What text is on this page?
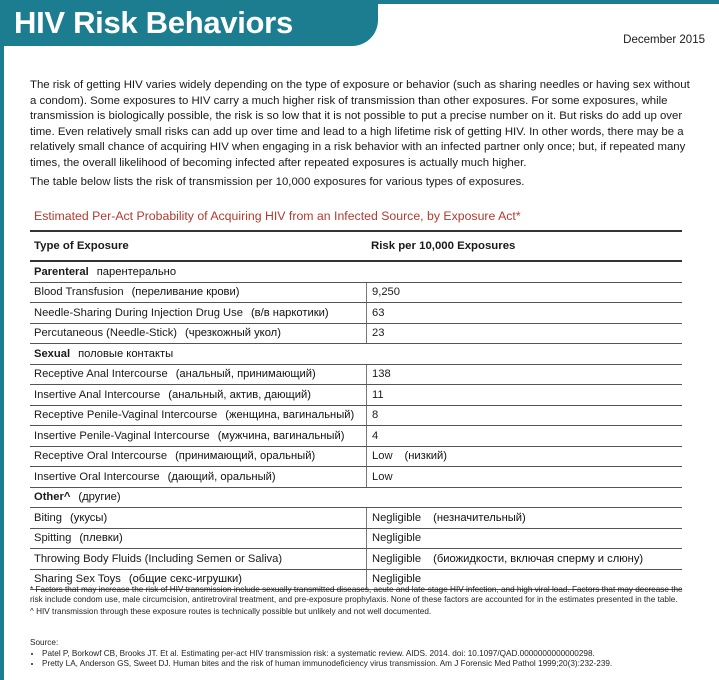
HIV Risk Behaviors	December 2015

The risk of getting HIV varies widely depending on the type of exposure or behavior (such as sharing needles or having sex without a condom). Some exposures to HIV carry a much higher risk of transmission than other exposures. For some exposures, while transmission is biologically possible, the risk is so low that it is not possible to put a precise number on it. But risks do add up over time. Even relatively small risks can add up over time and lead to a high lifetime risk of getting HIV. In other words, there may be a relatively small chance of acquiring HIV when engaging in a risk behavior with an infected partner only once; but, if repeated many times, the overall likelihood of becoming infected after repeated exposures is actually much higher.

The table below lists the risk of transmission per 10,000 exposures for various types of exposures.

Estimated Per-Act Probability of Acquiring HIV from an Infected Source, by Exposure Act*

Type of Exposure	Risk per 10,000 Exposures
Parenteral парентерально
Blood Transfusion (переливание крови)	9,250
Needle-Sharing During Injection Drug Use (в/в наркотики)	63
Percutaneous (Needle-Stick) (чрезкожный укол)	23
Sexual половые контакты
Receptive Anal Intercourse (анальный, принимающий)	138
Insertive Anal Intercourse (анальный, актив, дающий)	11
Receptive Penile-Vaginal Intercourse (женщина, вагинальный)	8
Insertive Penile-Vaginal Intercourse (мужчина, вагинальный)	4
Receptive Oral Intercourse (принимающий, оральный)	Low (низкий)
Insertive Oral Intercourse (дающий, оральный)	Low
Other^ (другие)
Biting (укусы)	Negligible (незначительный)
Spitting (плевки)	Negligible
Throwing Body Fluids (Including Semen or Saliva)	Negligible (биожидкости, включая сперму и слюну)
Sharing Sex Toys (общие секс-игрушки)	Negligible

* Factors that may increase the risk of HIV transmission include sexually transmitted diseases, acute and late-stage HIV infection, and high viral load. Factors that may decrease the risk include condom use, male circumcision, antiretroviral treatment, and pre-exposure prophylaxis. None of these factors are accounted for in the estimates presented in the table.

^ HIV transmission through these exposure routes is technically possible but unlikely and not well documented.

Source:
• Patel P, Borkowf CB, Brooks JT. Et al. Estimating per-act HIV transmission risk: a systematic review. AIDS. 2014. doi: 10.1097/QAD.0000000000000298.
• Pretty LA, Anderson GS, Sweet DJ. Human bites and the risk of human immunodeficiency virus transmission. Am J Forensic Med Pathol 1999;20(3):232-239.
